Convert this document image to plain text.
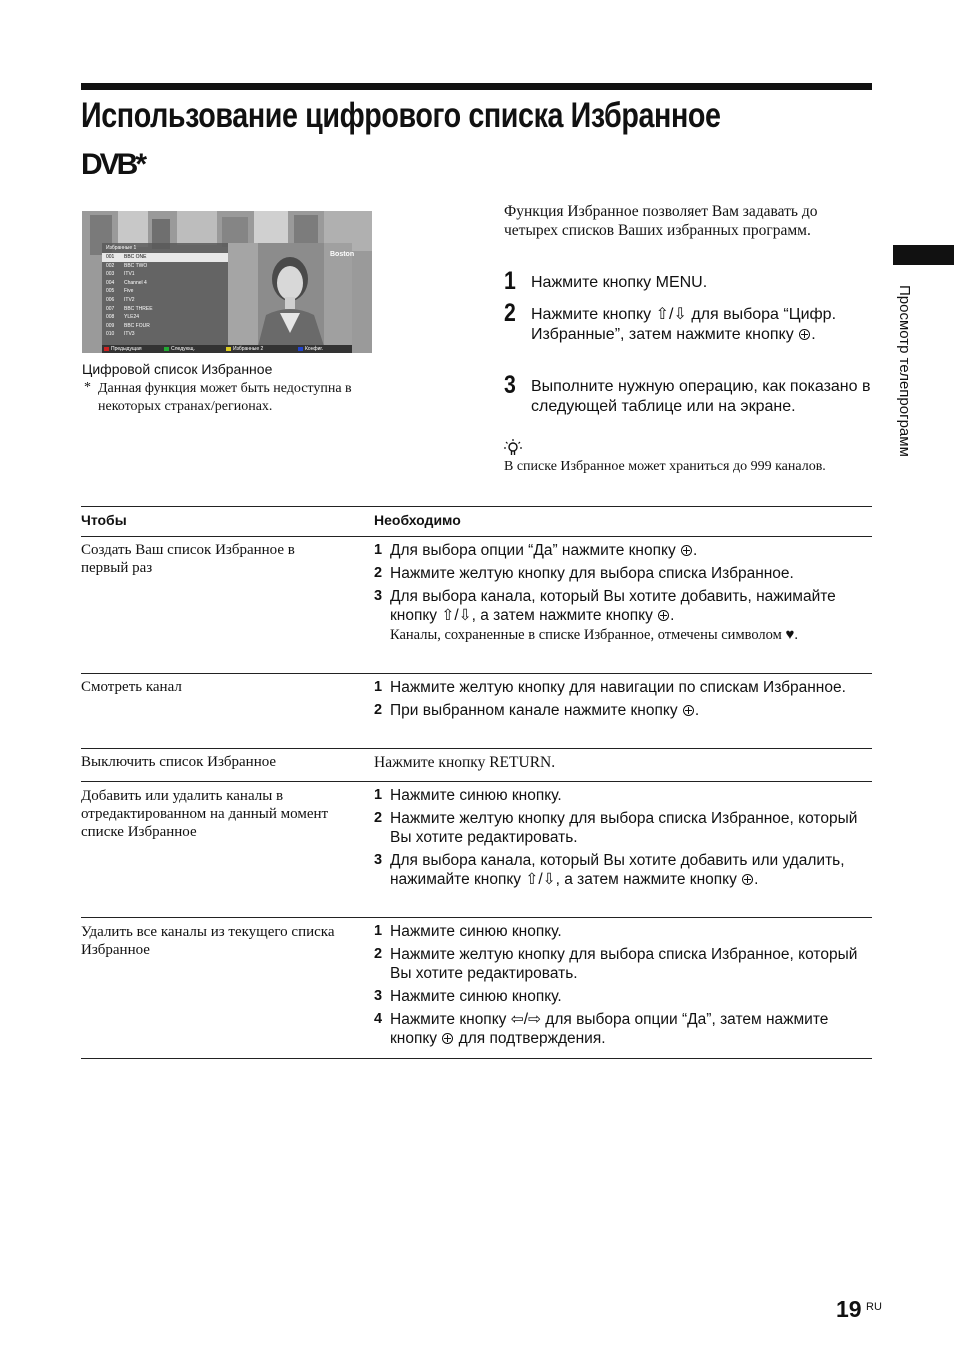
Использование цифрового списка Избранное
DVB*
Просмотр телепрограмм
Избранные 1
001 BBC ONE
002 BBC TWO
003 ITV1
004 Channel 4
005 Five
006 ITV2
007 BBC THREE
008 YLE24
009 BBC FOUR
010 ITV3
Boston
Предыдущая	Следующ.	Избранные 2	Конфиг.
Цифровой список Избранное
* Данная функция может быть недоступна в некоторых странах/регионах.
Функция Избранное позволяет Вам задавать до четырех списков Ваших избранных программ.
1 Нажмите кнопку MENU.
2 Нажмите кнопку ⇧/⇩ для выбора “Цифр. Избранные”, затем нажмите кнопку .
3 Выполните нужную операцию, как показано в следующей таблице или на экране.
В списке Избранное может храниться до 999 каналов.
Чтобы	Необходимо
Создать Ваш список Избранное в первый раз
1 Для выбора опции “Да” нажмите кнопку .
2 Нажмите желтую кнопку для выбора списка Избранное.
3 Для выбора канала, который Вы хотите добавить, нажимайте кнопку ⇧/⇩, а затем нажмите кнопку .
Каналы, сохраненные в списке Избранное, отмечены символом ♥.
Смотреть канал	1 Нажмите желтую кнопку для навигации по спискам Избранное.
2 При выбранном канале нажмите кнопку .
Выключить список Избранное	Нажмите кнопку RETURN.
Добавить или удалить каналы в отредактированном на данный момент списке Избранное
1 Нажмите синюю кнопку.
2 Нажмите желтую кнопку для выбора списка Избранное, который Вы хотите редактировать.
3 Для выбора канала, который Вы хотите добавить или удалить, нажимайте кнопку ⇧/⇩, а затем нажмите кнопку .
Удалить все каналы из текущего списка Избранное
1 Нажмите синюю кнопку.
2 Нажмите желтую кнопку для выбора списка Избранное, который Вы хотите редактировать.
3 Нажмите синюю кнопку.
4 Нажмите кнопку ⇦/⇨ для выбора опции “Да”, затем нажмите кнопку  для подтверждения.
19 RU
